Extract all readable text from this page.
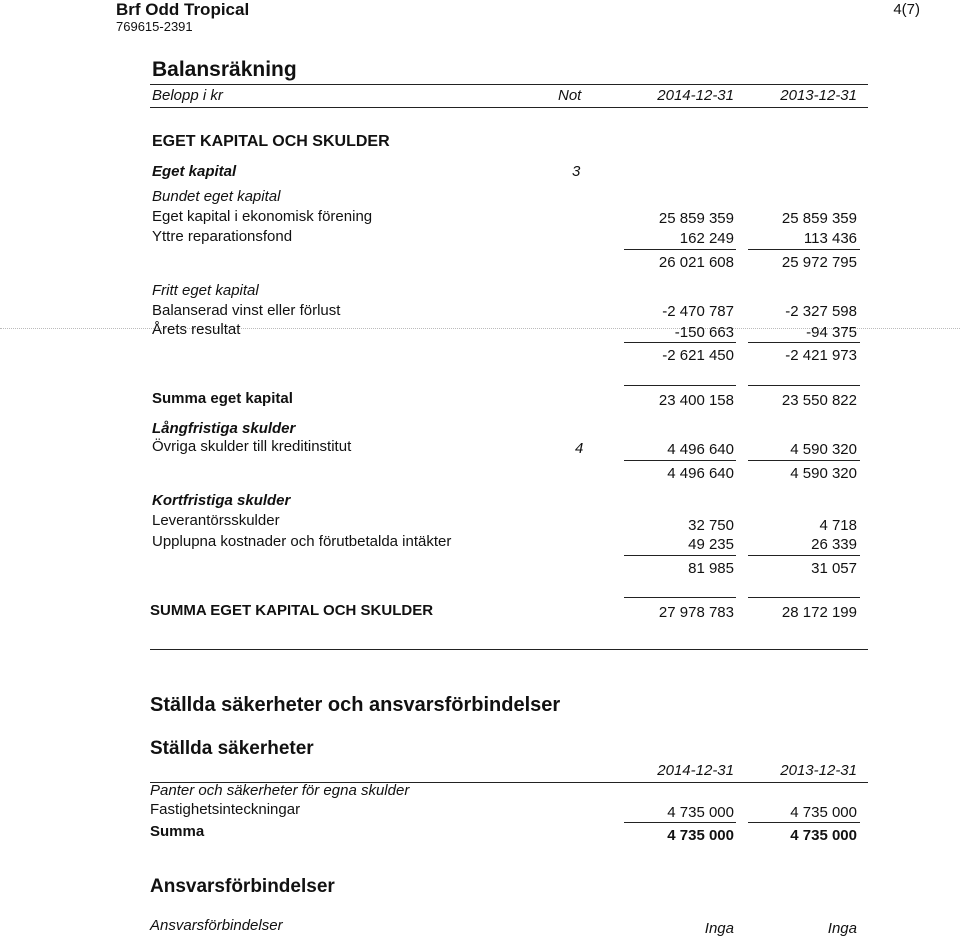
Brf Odd Tropical
769615-2391
4(7)
Balansräkning
Belopp i kr	Not	2014-12-31	2013-12-31
EGET KAPITAL OCH SKULDER
Eget kapital	3
Bundet eget kapital
Eget kapital i ekonomisk förening	25 859 359	25 859 359
Yttre reparationsfond	162 249	113 436
26 021 608	25 972 795
Fritt eget kapital
Balanserad vinst eller förlust	-2 470 787	-2 327 598
Årets resultat	-150 663	-94 375
-2 621 450	-2 421 973
Summa eget kapital	23 400 158	23 550 822
Långfristiga skulder
Övriga skulder till kreditinstitut	4	4 496 640	4 590 320
4 496 640	4 590 320
Kortfristiga skulder
Leverantörsskulder	32 750	4 718
Upplupna kostnader och förutbetalda intäkter	49 235	26 339
81 985	31 057
SUMMA EGET KAPITAL OCH SKULDER	27 978 783	28 172 199
Ställda säkerheter och ansvarsförbindelser
Ställda säkerheter
2014-12-31	2013-12-31
Panter och säkerheter för egna skulder
Fastighetsinteckningar	4 735 000	4 735 000
Summa	4 735 000	4 735 000
Ansvarsförbindelser
Ansvarsförbindelser	Inga	Inga
